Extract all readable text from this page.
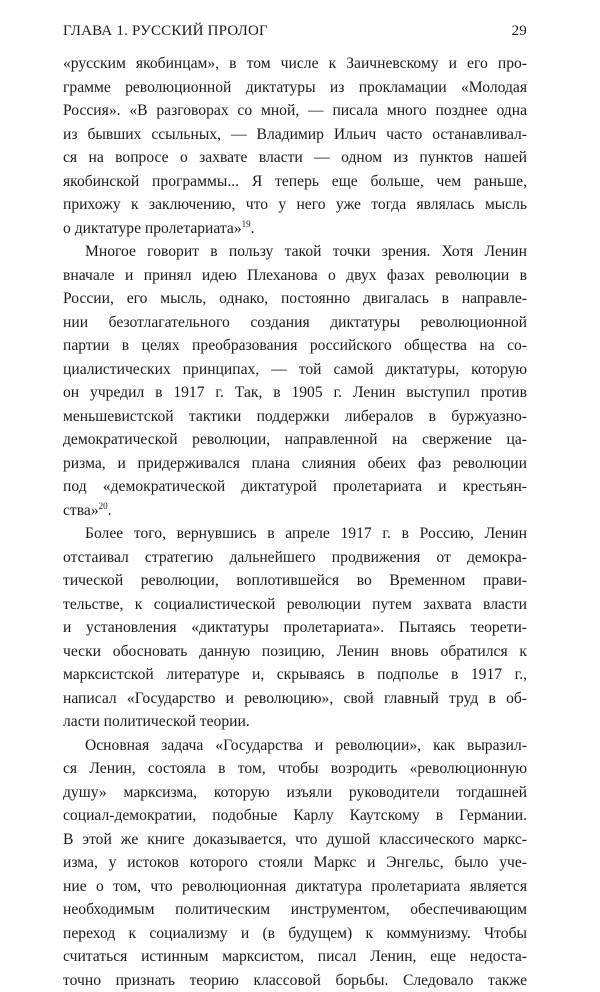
ГЛАВА 1. РУССКИЙ ПРОЛОГ	29
«русским якобинцам», в том числе к Заичневскому и его про-
грамме революционной диктатуры из прокламации «Молодая
Россия». «В разговорах со мной, — писала много позднее одна
из бывших ссыльных, — Владимир Ильич часто останавливал-
ся на вопросе о захвате власти — одном из пунктов нашей
якобинской программы... Я теперь еще больше, чем раньше,
прихожу к заключению, что у него уже тогда являлась мысль
о диктатуре пролетариата»$^{19}$.
Многое говорит в пользу такой точки зрения. Хотя Ленин
вначале и принял идею Плеханова о двух фазах революции в
России, его мысль, однако, постоянно двигалась в направле-
нии безотлагательного создания диктатуры революционной
партии в целях преобразования российского общества на со-
циалистических принципах, — той самой диктатуры, которую
он учредил в 1917 г. Так, в 1905 г. Ленин выступил против
меньшевистской тактики поддержки либералов в буржуазно-
демократической революции, направленной на свержение ца-
ризма, и придерживался плана слияния обеих фаз революции
под «демократической диктатурой пролетариата и крестьян-
ства»$^{20}$.
Более того, вернувшись в апреле 1917 г. в Россию, Ленин
отстаивал стратегию дальнейшего продвижения от демокра-
тической революции, воплотившейся во Временном прави-
тельстве, к социалистической революции путем захвата власти
и установления «диктатуры пролетариата». Пытаясь теорети-
чески обосновать данную позицию, Ленин вновь обратился к
марксистской литературе и, скрываясь в подполье в 1917 г.,
написал «Государство и революцию», свой главный труд в об-
ласти политической теории.
Основная задача «Государства и революции», как выразил-
ся Ленин, состояла в том, чтобы возродить «революционную
душу» марксизма, которую изъяли руководители тогдашней
социал-демократии, подобные Карлу Каутскому в Германии.
В этой же книге доказывается, что душой классического маркс-
изма, у истоков которого стояли Маркс и Энгельс, было уче-
ние о том, что революционная диктатура пролетариата является
необходимым политическим инструментом, обеспечивающим
переход к социализму и (в будущем) к коммунизму. Чтобы
считаться истинным марксистом, писал Ленин, еще недоста-
точно признать теорию классовой борьбы. Следовало также
